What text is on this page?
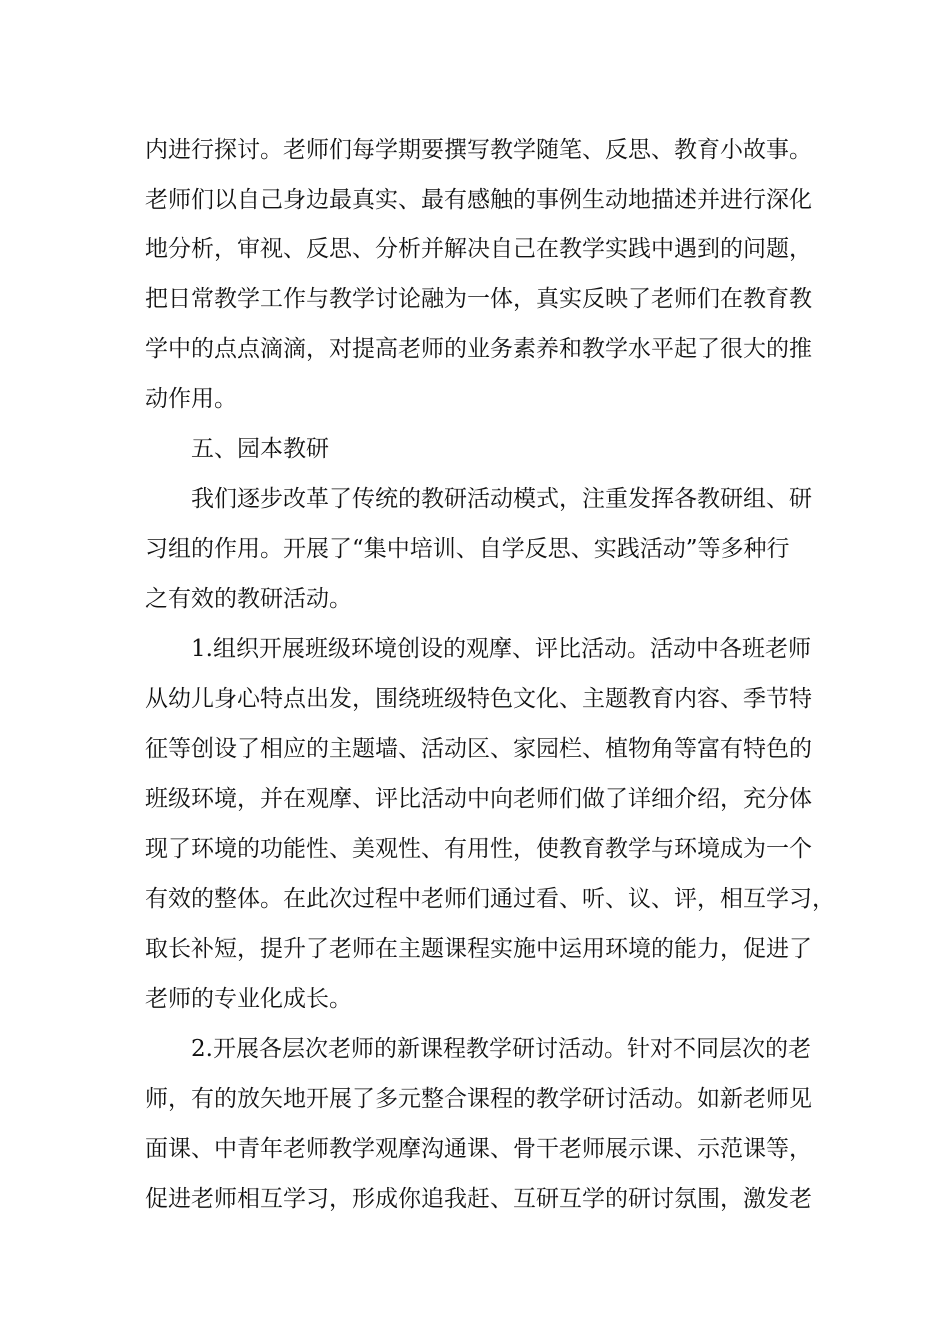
内进行探讨。老师们每学期要撰写教学随笔、反思、教育小故事。
老师们以自己身边最真实、最有感触的事例生动地描述并进行深化
地分析，审视、反思、分析并解决自己在教学实践中遇到的问题，
把日常教学工作与教学讨论融为一体，真实反映了老师们在教育教
学中的点点滴滴，对提高老师的业务素养和教学水平起了很大的推
动作用。
五、园本教研
我们逐步改革了传统的教研活动模式，注重发挥各教研组、研
习组的作用。开展了“集中培训、自学反思、实践活动”等多种行
之有效的教研活动。
1.组织开展班级环境创设的观摩、评比活动。活动中各班老师
从幼儿身心特点出发，围绕班级特色文化、主题教育内容、季节特
征等创设了相应的主题墙、活动区、家园栏、植物角等富有特色的
班级环境，并在观摩、评比活动中向老师们做了详细介绍，充分体
现了环境的功能性、美观性、有用性，使教育教学与环境成为一个
有效的整体。在此次过程中老师们通过看、听、议、评，相互学习，
取长补短，提升了老师在主题课程实施中运用环境的能力，促进了
老师的专业化成长。
2.开展各层次老师的新课程教学研讨活动。针对不同层次的老
师，有的放矢地开展了多元整合课程的教学研讨活动。如新老师见
面课、中青年老师教学观摩沟通课、骨干老师展示课、示范课等，
促进老师相互学习，形成你追我赶、互研互学的研讨氛围，激发老
